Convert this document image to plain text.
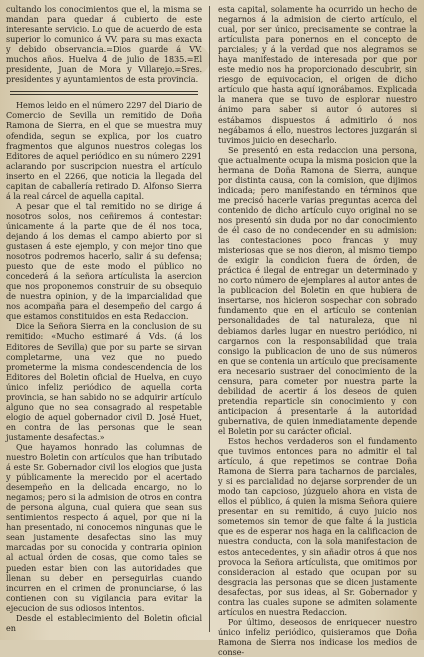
cultando los conocimientos que el, la misma se mandan para quedar á cubierto de este interesante servicio. Lo que de acuerdo de esta superior lo comunico á VV. para su mas exacta y debido observancia.=Dios guarde á VV. muchos años. Huelva 4 de julio de 1835.=El presidente, Juan de Mora y Villarejo.=Sres. presidentes y ayuntamientos de esta provincia.

Hemos leido en el número 2297 del Diario de Comercio de Sevilla un remitido de Doña Ramona de Sierra, en el que se muestra muy ofendida, segun se explica, por los cuatro fragmentos que algunos nuestros colegas los Editores de aquel periódico en su número 2291 aclarando por suscripcion nuestra el artículo inserto en el 2266, que noticia la llegada del capitan de caballería retirado D. Alfonso Sierra á la real cárcel de aquella capital.

A pesar que el tal remitido no se dirige á nosotros solos, nos ceñiremos á contestar: únicamente á la parte que de él nos toca, dejando á los demas el campo abierto por si gustasen á este ejemplo, y con mejor tino que nosotros podremos hacerlo, salir á su defensa; puesto que de este modo el público no concederá á la señora artículista la asercion que nos proponemos construir de su obsequio de nuestra opinion, y de la imparcialidad que nos acompaña para el desempeño del cargo á que estamos constituidos en esta Redaccion.

Dice la Señora Sierra en la conclusion de su remitido: «Mucho estimaré á Vds. (á los Editores de Sevilla) que por su parte se sirvan completarme, una vez que no puedo prometerme la misma condescendencia de los Editores del Boletin oficial de Huelva, en cuyo único infeliz periódico de aquella corta provincia, se han sabido no se adquirir artículo alguno que no sea consagrado al respetable elogio de aquel gobernador civil D. José Huet, en contra de las personas que le sean justamente desafectas.»

Que hayamos honrado las columnas de nuestro Boletin con artículos que han tributado á este Sr. Gobernador civil los elogios que justa y públicamente la merecido por el acertado desempeño en la delicada encargo, no lo negamos; pero si la admision de otros en contra de persona alguna, cual quiera que sean sus sentimientos respecto á aquel, por que ni la han presentado, ni conocemos ningunas que le sean justamente desafectas sino las muy marcadas por su conocida y contraria opinion al actual órden de cosas, que como tales se pueden estar bien con las autoridades que llenan su deber en perseguirlas cuando incurren en el crimen de pronunciarse, ó las contienen con su vigilancia para evitar la ejecucion de sus odiosos intentos.

Desde el establecimiento del Boletin oficial en

esta capital, solamente ha ocurrido un hecho de negarnos á la admision de cierto artículo, el cual, por ser único, precisamente se contrae la artículista para ponernos en el concepto de parciales; y á la verdad que nos alegramos se haya manifestado de interesada por que por este medio nos ha proporcionado descubrir, sin riesgo de equivocacion, el origen de dicho artículo que hasta aquí ignorábamos. Explicada la manera que se tuvo de esplorar nuestro ánimo para saber si autor ó autores si estábamos dispuestos á admitirlo ó nos negábamos á ello, nuestros lectores juzgarán si tuvimos juicio en desecharlo.

Se presentó en esta redaccion una persona, que actualmente ocupa la misma posicion que la hermana de Doña Ramona de Sierra, aunque por distinta causa, con la comision, que dijimos indicada; pero manifestando en términos que me precisó hacerle varias preguntas acerca del contenido de dicho artículo cuyo original no se nos presentó sin duda por no dar conocimiento de él caso de no condecender en su admision: las contestaciones poco francas y muy misteriosas que se nos dieron, al mismo tiempo de exigir la condicion fuera de órden, de práctica é ilegal de entregar un determinado y no corto número de ejemplares al autor antes de la publicacion del Boletin en que hubiera de insertarse, nos hicieron sospechar con sobrado fundamento que en el artículo se contenian personalidades de tal naturaleza, que ni debiamos darles lugar en nuestro periódico, ni cargarnos con la responsabilidad que traia consigo la publicacion de uno de sus números en que se contenia un artículo que precisamente era necesario sustraer del conocimiento de la censura, para cometer por nuestra parte la debilidad de acertir á los deseos de quien pretendia reparticle sin conocimiento y con anticipacion á presentarle á la autoridad gubernativa, de quien inmediatamente depende el Boletin por su carácter oficial.

Estos hechos verdaderos son el fundamento que tuvimos entonces para no admitir el tal artículo, á que repetimos se contrae Doña Ramona de Sierra para tacharnos de parciales, y si es parcialidad no dejarse sorprender de un modo tan capcioso, júzguelo ahora en vista de ellos el público, á quien la misma Señora quiere presentar en su remitido, á cuyo juicio nos sometemos sin temor de que falte á la justicia que es de esperar nos haga en la calificacion de nuestra conducta, con la sola manifestacion de estos antecedentes, y sin añadir otros á que nos provoca la Señora artículista, que omitimos por consideracion al estado que ocupan por su desgracia las personas que se dicen justamente desafectas, por sus ideas, al Sr. Gobernador y contra las cuales supone se admiten solamente artículos en nuestra Redaccion.

Por último, deseosos de enriquecer nuestro único infeliz periódico, quisieramos que Doña Ramona de Sierra nos indicase los medios de conse-
